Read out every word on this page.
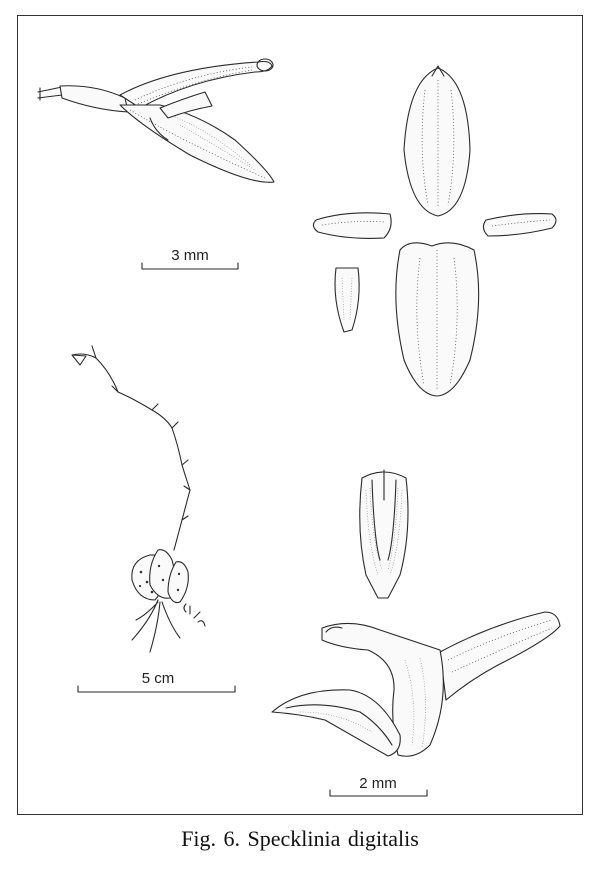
3 mm
5 cm
2 mm
Fig. 6. Specklinia digitalis
